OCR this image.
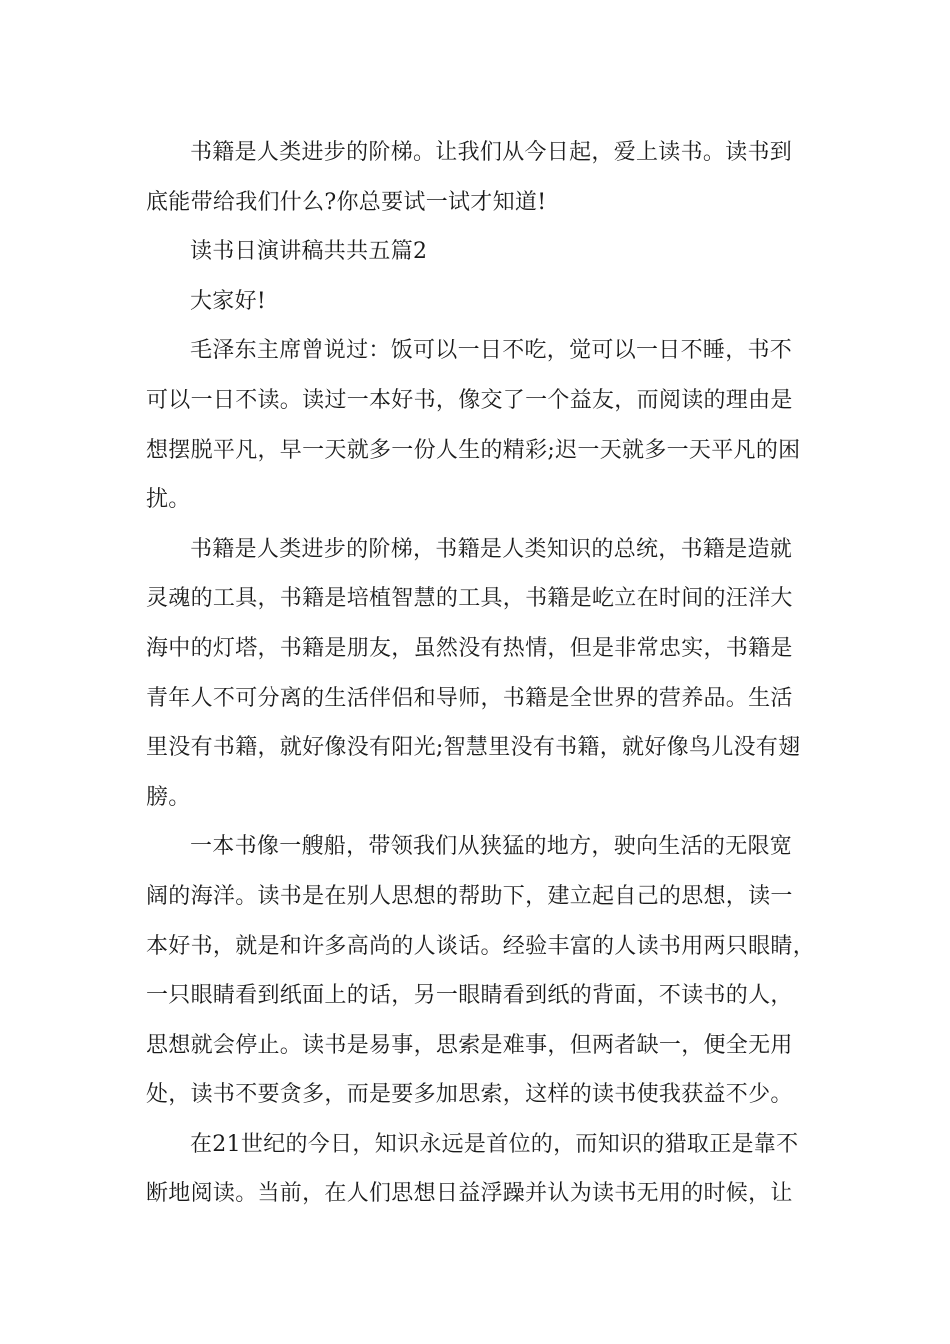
书籍是人类进步的阶梯。让我们从今日起，爱上读书。读书到
底能带给我们什么?你总要试一试才知道!

读书日演讲稿共共五篇2

大家好!

毛泽东主席曾说过：饭可以一日不吃，觉可以一日不睡，书不
可以一日不读。读过一本好书，像交了一个益友，而阅读的理由是
想摆脱平凡，早一天就多一份人生的精彩;迟一天就多一天平凡的困
扰。

书籍是人类进步的阶梯，书籍是人类知识的总统，书籍是造就
灵魂的工具，书籍是培植智慧的工具，书籍是屹立在时间的汪洋大
海中的灯塔，书籍是朋友，虽然没有热情，但是非常忠实，书籍是
青年人不可分离的生活伴侣和导师，书籍是全世界的营养品。生活
里没有书籍，就好像没有阳光;智慧里没有书籍，就好像鸟儿没有翅
膀。

一本书像一艘船，带领我们从狭猛的地方，驶向生活的无限宽
阔的海洋。读书是在别人思想的帮助下，建立起自己的思想，读一
本好书，就是和许多高尚的人谈话。经验丰富的人读书用两只眼睛，
一只眼睛看到纸面上的话，另一眼睛看到纸的背面，不读书的人，
思想就会停止。读书是易事，思索是难事，但两者缺一，便全无用
处，读书不要贪多，而是要多加思索，这样的读书使我获益不少。

在21世纪的今日，知识永远是首位的，而知识的猎取正是靠不
断地阅读。当前，在人们思想日益浮躁并认为读书无用的时候，让
